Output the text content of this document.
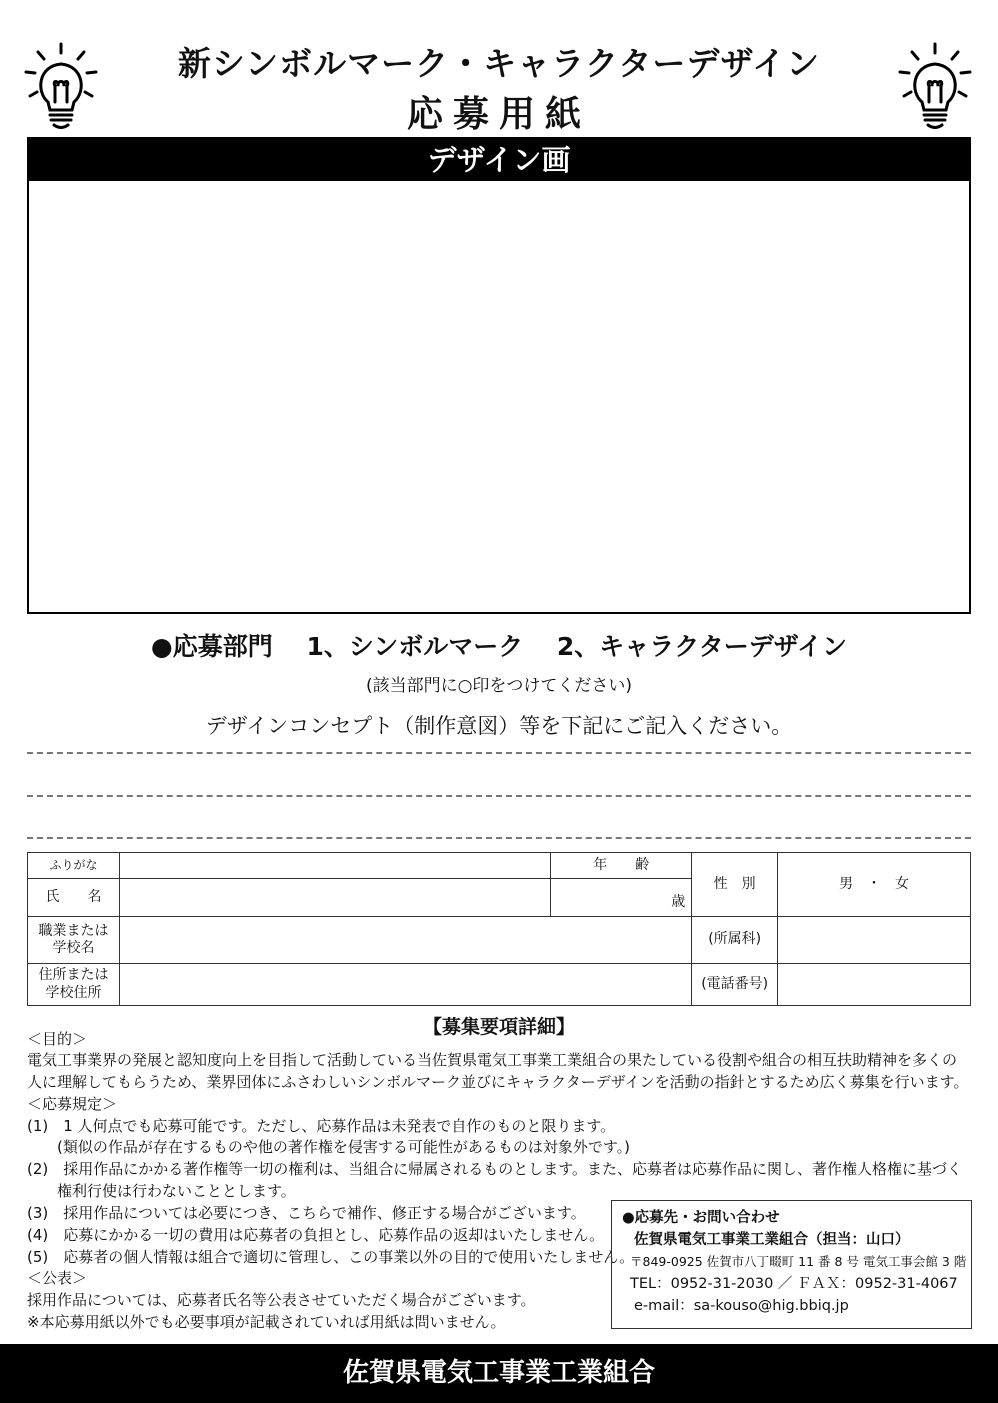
新シンボルマーク・キャラクターデザイン
応募用紙
デザイン画
●応募部門　 1、シンボルマーク　 2、キャラクターデザイン
(該当部門に○印をつけてください)
デザインコンセプト（制作意図）等を下記にご記入ください。
ふりがな		年　　齢	性　別	男　・　女
氏　　名		歳		

職業または
学校名			(所属科)	

住所または
学校住所			(電話番号)	
【募集要項詳細】
＜目的＞
電気工事業界の発展と認知度向上を目指して活動している当佐賀県電気工事業工業組合の果たしている役割や組合の相互扶助精神を多くの
人に理解してもらうため、業界団体にふさわしいシンボルマーク並びにキャラクターデザインを活動の指針とするため広く募集を行います。
＜応募規定＞
(1)　1 人何点でも応募可能です。ただし、応募作品は未発表で自作のものと限ります。
　　(類似の作品が存在するものや他の著作権を侵害する可能性があるものは対象外です。)
(2)　採用作品にかかる著作権等一切の権利は、当組合に帰属されるものとします。また、応募者は応募作品に関し、著作権人格権に基づく
　　権利行使は行わないこととします。
(3)　採用作品については必要につき、こちらで補作、修正する場合がございます。
(4)　応募にかかる一切の費用は応募者の負担とし、応募作品の返却はいたしません。
(5)　応募者の個人情報は組合で適切に管理し、この事業以外の目的で使用いたしません。
＜公表＞
採用作品については、応募者氏名等公表させていただく場合がございます。
※本応募用紙以外でも必要事項が記載されていれば用紙は問いません。
●応募先・お問い合わせ
佐賀県電気工事業工業組合（担当：山口）
〒849-0925 佐賀市八丁畷町 11 番 8 号 電気工事会館 3 階
TEL：0952-31-2030 ／ ＦＡＸ：0952-31-4067
e-mail：sa-kouso@hig.bbiq.jp
佐賀県電気工事業工業組合
